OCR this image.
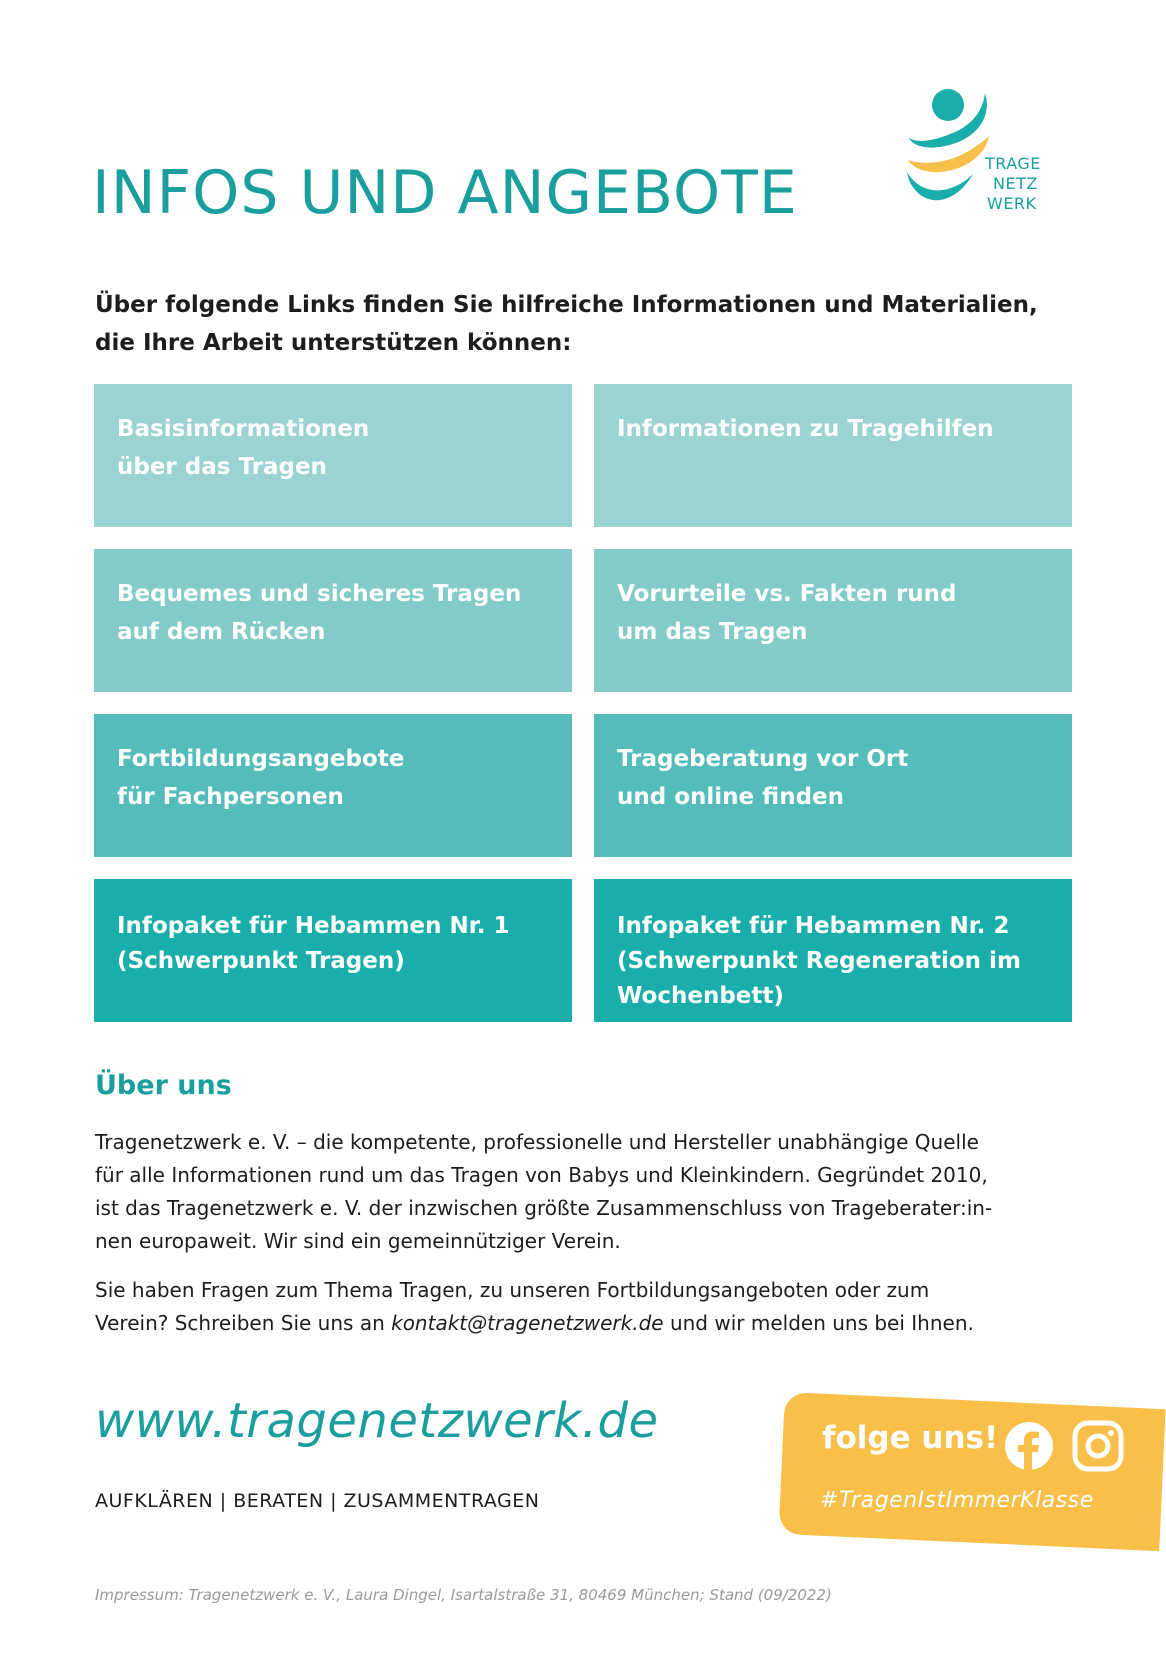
INFOS UND ANGEBOTE	TRAGE
NETZ
WERK
Über folgende Links finden Sie hilfreiche Informationen und Materialien,
die Ihre Arbeit unterstützen können:
Basisinformationen
über das Tragen
Informationen zu Tragehilfen
Bequemes und sicheres Tragen
auf dem Rücken
Vorurteile vs. Fakten rund
um das Tragen
Fortbildungsangebote
für Fachpersonen
Trageberatung vor Ort
und online finden
Infopaket für Hebammen Nr. 1
(Schwerpunkt Tragen)
Infopaket für Hebammen Nr. 2
(Schwerpunkt Regeneration im
Wochenbett)
Über uns

Tragenetzwerk e. V. – die kompetente, professionelle und Hersteller unabhängige Quelle
für alle Informationen rund um das Tragen von Babys und Kleinkindern. Gegründet 2010,
ist das Tragenetzwerk e. V. der inzwischen größte Zusammenschluss von Trageberater:in-
nen europaweit. Wir sind ein gemeinnütziger Verein.

Sie haben Fragen zum Thema Tragen, zu unseren Fortbildungsangeboten oder zum
Verein? Schreiben Sie uns an kontakt@tragenetzwerk.de und wir melden uns bei Ihnen.

www.tragenetzwerk.de
AUFKLÄREN | BERATEN | ZUSAMMENTRAGEN
folge uns!
#TragenIstImmerKlasse
Impressum: Tragenetzwerk e. V., Laura Dingel, Isartalstraße 31, 80469 München; Stand (09/2022)
